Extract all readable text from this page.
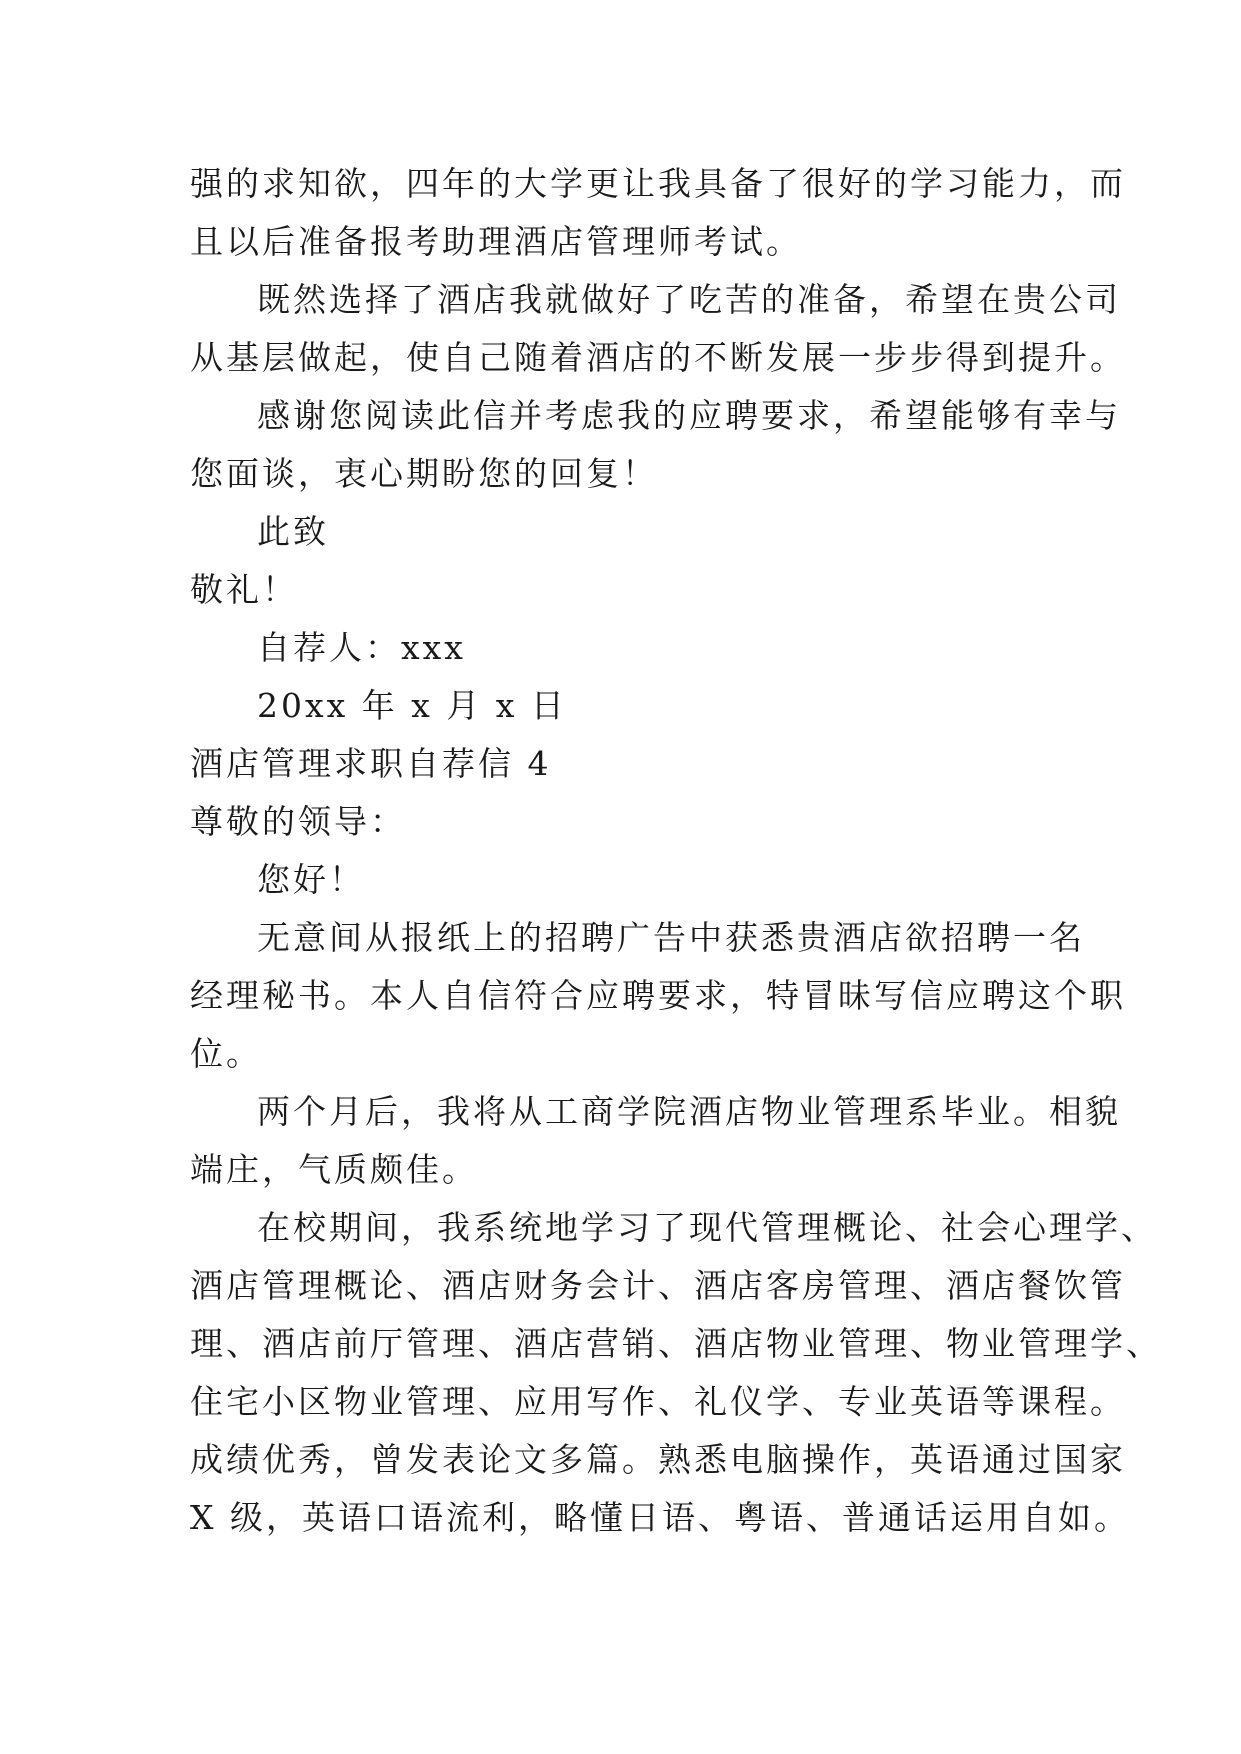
强的求知欲，四年的大学更让我具备了很好的学习能力，而
且以后准备报考助理酒店管理师考试。
既然选择了酒店我就做好了吃苦的准备，希望在贵公司
从基层做起，使自己随着酒店的不断发展一步步得到提升。
感谢您阅读此信并考虑我的应聘要求，希望能够有幸与
您面谈，衷心期盼您的回复！
此致
敬礼！
自荐人：xxx
20xx 年 x 月 x 日
酒店管理求职自荐信 4
尊敬的领导：
您好！
无意间从报纸上的招聘广告中获悉贵酒店欲招聘一名
经理秘书。本人自信符合应聘要求，特冒昧写信应聘这个职
位。
两个月后，我将从工商学院酒店物业管理系毕业。相貌
端庄，气质颇佳。
在校期间，我系统地学习了现代管理概论、社会心理学、
酒店管理概论、酒店财务会计、酒店客房管理、酒店餐饮管
理、酒店前厅管理、酒店营销、酒店物业管理、物业管理学、
住宅小区物业管理、应用写作、礼仪学、专业英语等课程。
成绩优秀，曾发表论文多篇。熟悉电脑操作，英语通过国家
X 级，英语口语流利，略懂日语、粤语、普通话运用自如。
